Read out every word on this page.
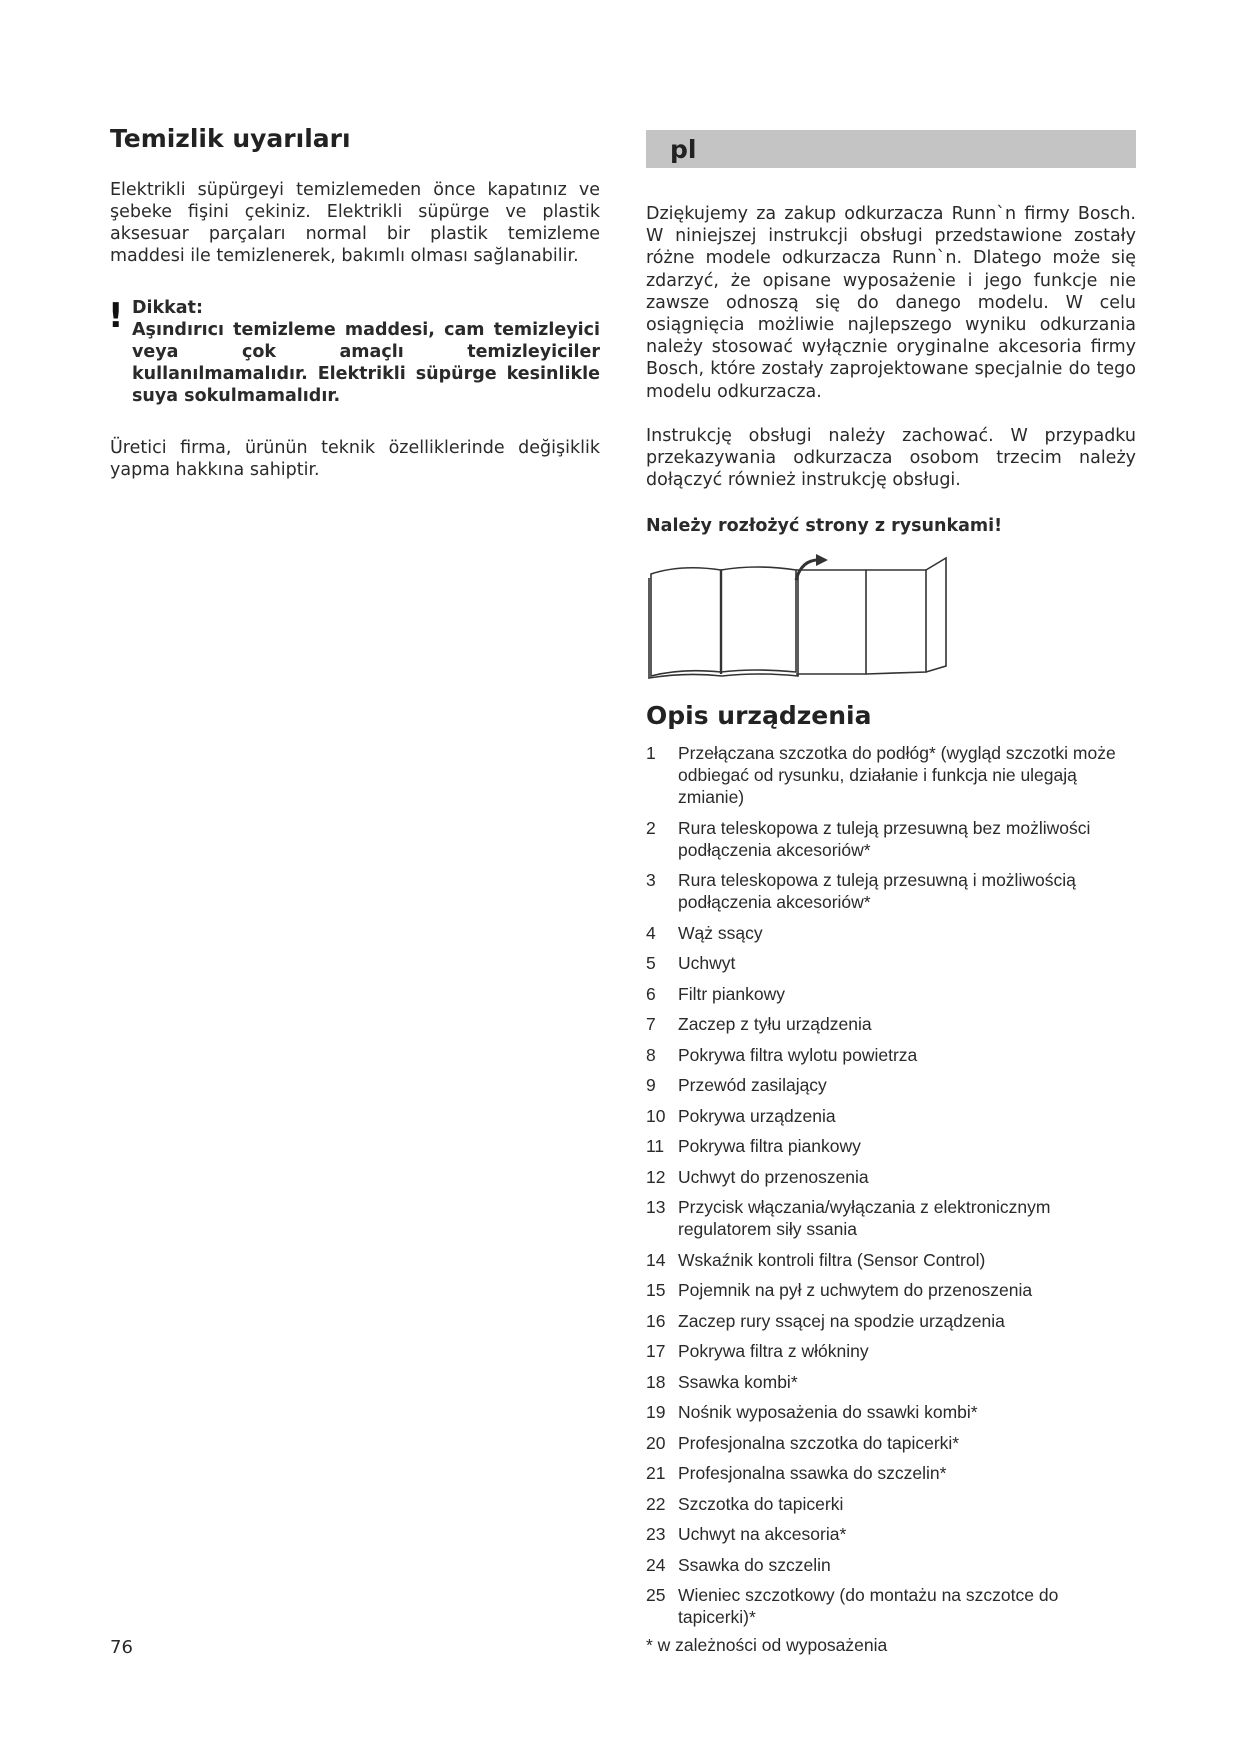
Temizlik uyarıları

Elektrikli süpürgeyi temizlemeden önce kapatınız ve şebeke fişini çekiniz. Elektrikli süpürge ve plastik aksesuar parçaları normal bir plastik temizleme maddesi ile temizlenerek, bakımlı olması sağlanabilir.

! Dikkat:
Aşındırıcı temizleme maddesi, cam temizleyici veya çok amaçlı temizleyiciler kullanılmamalıdır. Elektrikli süpürge kesinlikle suya sokulmamalıdır.

Üretici firma, ürünün teknik özelliklerinde değişiklik yapma hakkına sahiptir.

76
pl

Dziękujemy za zakup odkurzacza Runn`n firmy Bosch. W niniejszej instrukcji obsługi przedstawione zostały różne modele odkurzacza Runn`n. Dlatego może się zdarzyć, że opisane wyposażenie i jego funkcje nie zawsze odnoszą się do danego modelu. W celu osiągnięcia możliwie najlepszego wyniku odkurzania należy stosować wyłącznie oryginalne akcesoria firmy Bosch, które zostały zaprojektowane specjalnie do tego modelu odkurzacza.

Instrukcję obsługi należy zachować. W przypadku przekazywania odkurzacza osobom trzecim należy dołączyć również instrukcję obsługi.

Należy rozłożyć strony z rysunkami!
Opis urządzenia
1 Przełączana szczotka do podłóg* (wygląd szczotki może odbiegać od rysunku, działanie i funkcja nie ulegają zmianie)
2 Rura teleskopowa z tuleją przesuwną bez możliwości podłączenia akcesoriów*
3 Rura teleskopowa z tuleją przesuwną i możliwością podłączenia akcesoriów*
4 Wąż ssący
5 Uchwyt
6 Filtr piankowy
7 Zaczep z tyłu urządzenia
8 Pokrywa filtra wylotu powietrza
9 Przewód zasilający
10 Pokrywa urządzenia
11 Pokrywa filtra piankowy
12 Uchwyt do przenoszenia
13 Przycisk włączania/wyłączania z elektronicznym regulatorem siły ssania
14 Wskaźnik kontroli filtra (Sensor Control)
15 Pojemnik na pył z uchwytem do przenoszenia
16 Zaczep rury ssącej na spodzie urządzenia
17 Pokrywa filtra z włókniny
18 Ssawka kombi*
19 Nośnik wyposażenia do ssawki kombi*
20 Profesjonalna szczotka do tapicerki*
21 Profesjonalna ssawka do szczelin*
22 Szczotka do tapicerki
23 Uchwyt na akcesoria*
24 Ssawka do szczelin
25 Wieniec szczotkowy (do montażu na szczotce do tapicerki)*
* w zależności od wyposażenia
